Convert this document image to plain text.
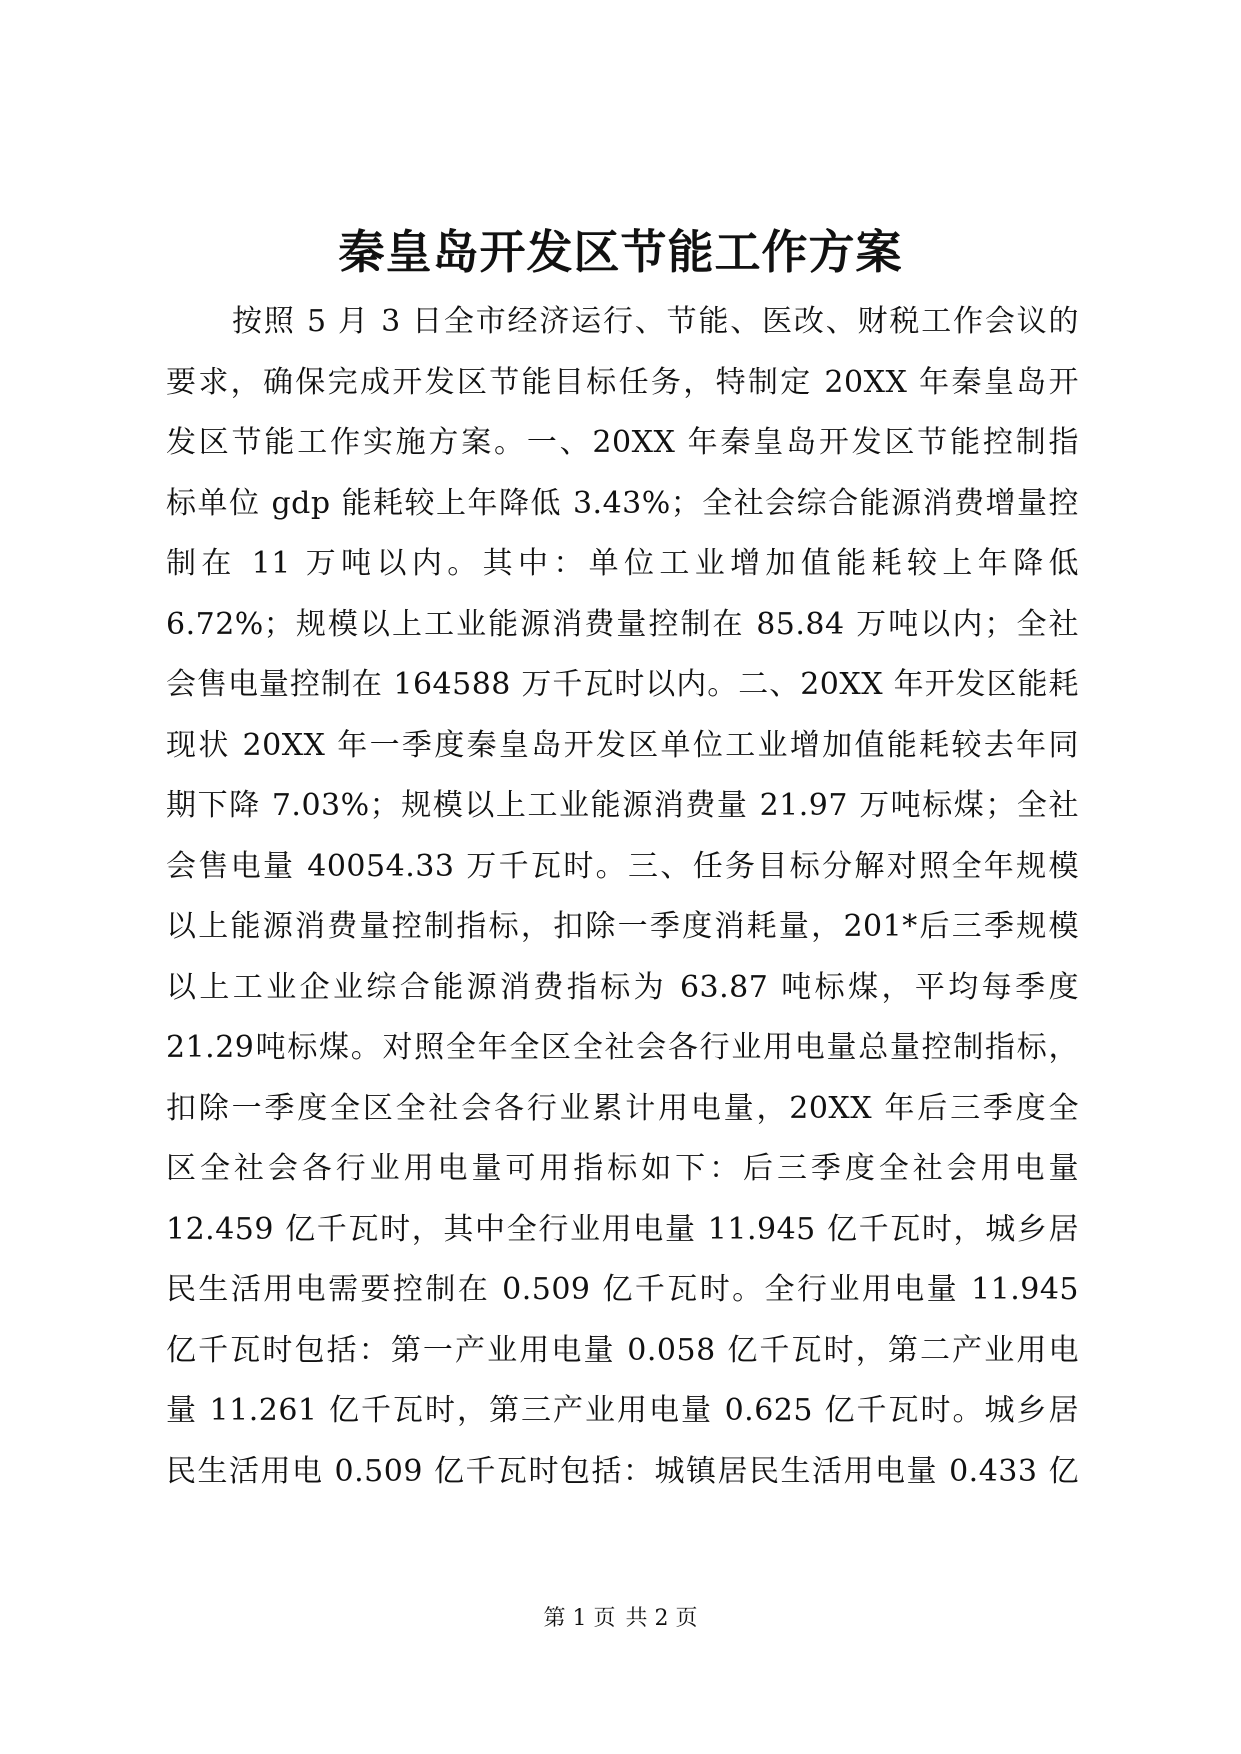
秦皇岛开发区节能工作方案
按照 5 月 3 日全市经济运行、节能、医改、财税工作会议的
要求，确保完成开发区节能目标任务，特制定 20XX 年秦皇岛开
发区节能工作实施方案。一、20XX 年秦皇岛开发区节能控制指
标单位 gdp 能耗较上年降低 3.43%；全社会综合能源消费增量控
制在 11 万吨以内。其中：单位工业增加值能耗较上年降低
6.72%；规模以上工业能源消费量控制在 85.84 万吨以内；全社
会售电量控制在 164588 万千瓦时以内。二、20XX 年开发区能耗
现状 20XX 年一季度秦皇岛开发区单位工业增加值能耗较去年同
期下降 7.03%；规模以上工业能源消费量 21.97 万吨标煤；全社
会售电量 40054.33 万千瓦时。三、任务目标分解对照全年规模
以上能源消费量控制指标，扣除一季度消耗量，201*后三季规模
以上工业企业综合能源消费指标为 63.87 吨标煤，平均每季度
21.29吨标煤。对照全年全区全社会各行业用电量总量控制指标，
扣除一季度全区全社会各行业累计用电量，20XX 年后三季度全
区全社会各行业用电量可用指标如下：后三季度全社会用电量
12.459 亿千瓦时，其中全行业用电量 11.945 亿千瓦时，城乡居
民生活用电需要控制在 0.509 亿千瓦时。全行业用电量 11.945
亿千瓦时包括：第一产业用电量 0.058 亿千瓦时，第二产业用电
量 11.261 亿千瓦时，第三产业用电量 0.625 亿千瓦时。城乡居
民生活用电 0.509 亿千瓦时包括：城镇居民生活用电量 0.433 亿
第 1 页 共 2 页
